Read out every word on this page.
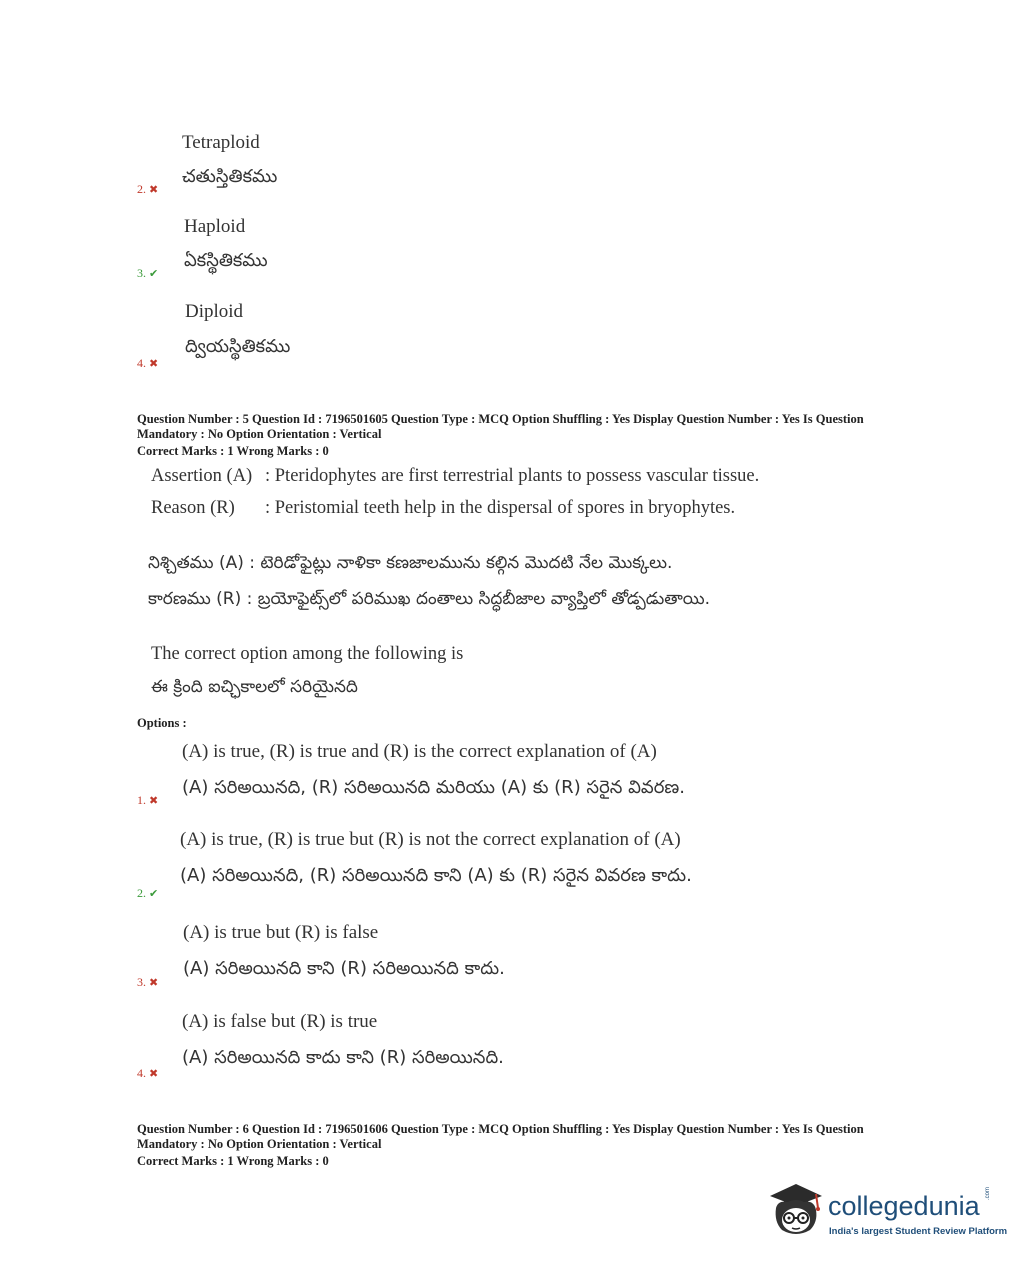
Tetraploid
చతుస్తితికము
2. ✖
Haploid
ఏకస్థితికము
3. ✔
Diploid
ద్వియస్థితికము
4. ✖
Question Number : 5 Question Id : 7196501605 Question Type : MCQ Option Shuffling : Yes Display Question Number : Yes Is Question Mandatory : No Option Orientation : Vertical
Correct Marks : 1 Wrong Marks : 0
Assertion (A) : Pteridophytes are first terrestrial plants to possess vascular tissue.
Reason (R) : Peristomial teeth help in the dispersal of spores in bryophytes.
నిశ్చితము (A) : టెరిడోఫైట్లు నాళికా కణజాలమును కల్గిన మొదటి నేల మొక్కలు.
కారణము (R) : బ్రయోఫైట్స్‌లో పరిముఖ దంతాలు సిద్ధబీజాల వ్యాప్తిలో తోడ్పడుతాయి.
The correct option among the following is
ఈ క్రింది ఐచ్ఛికాలలో సరియైనది
Options :
(A) is true, (R) is true and (R) is the correct explanation of (A)
(A) సరిఅయినది, (R) సరిఅయినది మరియు (A) కు (R) సరైన వివరణ.
1. ✖
(A) is true, (R) is true but (R) is not the correct explanation of (A)
(A) సరిఅయినది, (R) సరిఅయినది కాని (A) కు (R) సరైన వివరణ కాదు.
2. ✔
(A) is true but (R) is false
(A) సరిఅయినది కాని (R) సరిఅయినది కాదు.
3. ✖
(A) is false but (R) is true
(A) సరిఅయినది కాదు కాని (R) సరిఅయినది.
4. ✖
Question Number : 6 Question Id : 7196501606 Question Type : MCQ Option Shuffling : Yes Display Question Number : Yes Is Question Mandatory : No Option Orientation : Vertical
Correct Marks : 1 Wrong Marks : 0
collegedunia .com
India's largest Student Review Platform
